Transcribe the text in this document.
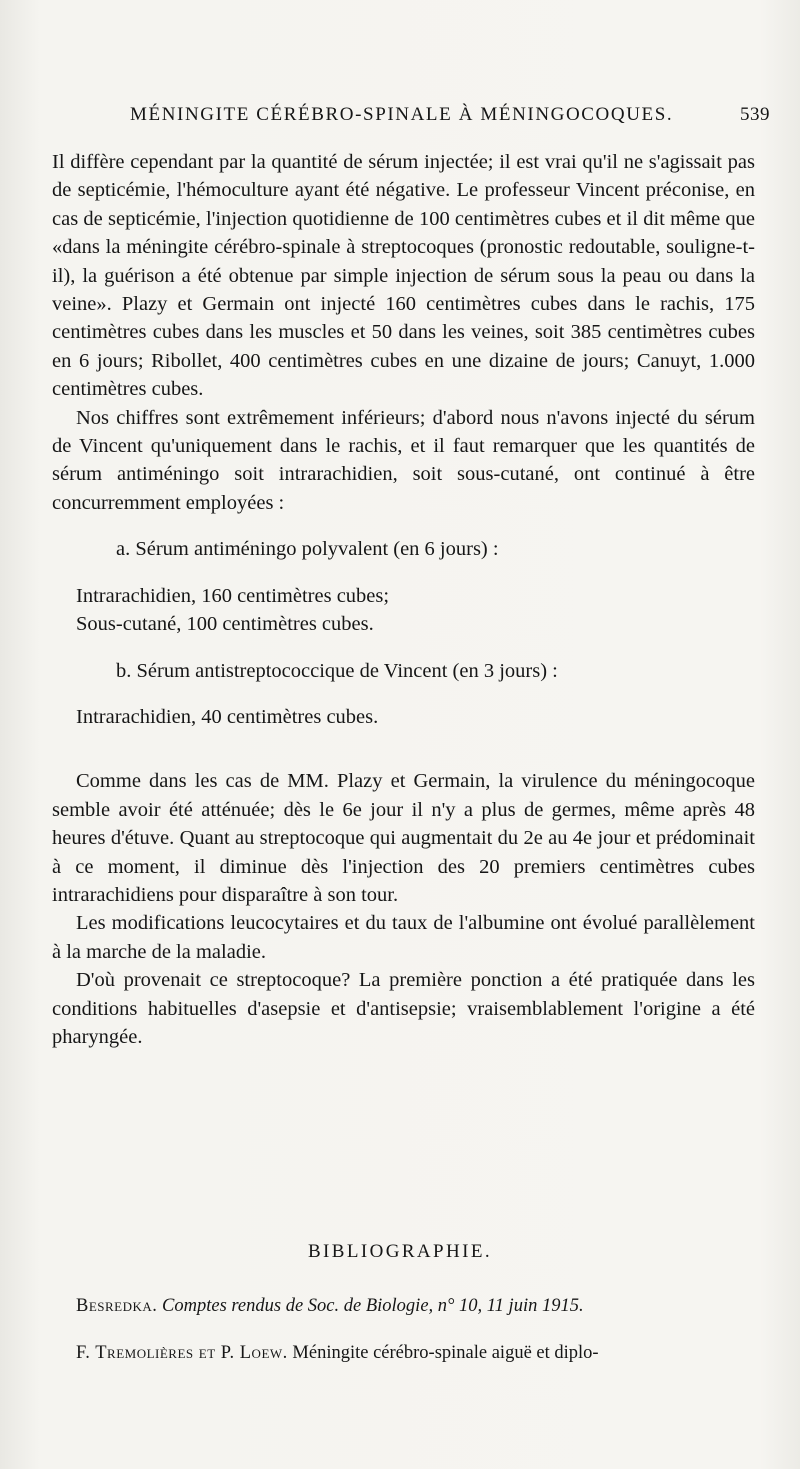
MÉNINGITE CÉRÉBRO-SPINALE À MÉNINGOCOQUES.	539

Il diffère cependant par la quantité de sérum injectée; il est vrai qu'il ne s'agissait pas de septicémie, l'hémoculture ayant été négative. Le professeur Vincent préconise, en cas de septicémie, l'injection quotidienne de 100 centimètres cubes et il dit même que «dans la méningite cérébro-spinale à streptocoques (pronostic redoutable, souligne-t-il), la guérison a été obtenue par simple injection de sérum sous la peau ou dans la veine». Plazy et Germain ont injecté 160 centimètres cubes dans le rachis, 175 centimètres cubes dans les muscles et 50 dans les veines, soit 385 centimètres cubes en 6 jours; Ribollet, 400 centimètres cubes en une dizaine de jours; Canuyt, 1.000 centimètres cubes.

Nos chiffres sont extrêmement inférieurs; d'abord nous n'avons injecté du sérum de Vincent qu'uniquement dans le rachis, et il faut remarquer que les quantités de sérum antiméningo soit intrarachidien, soit sous-cutané, ont continué à être concurremment employées :

a. Sérum antiméningo polyvalent (en 6 jours) :

Intrarachidien, 160 centimètres cubes;

Sous-cutané, 100 centimètres cubes.

b. Sérum antistreptococcique de Vincent (en 3 jours) :

Intrarachidien, 40 centimètres cubes.

Comme dans les cas de MM. Plazy et Germain, la virulence du méningocoque semble avoir été atténuée; dès le 6e jour il n'y a plus de germes, même après 48 heures d'étuve. Quant au streptocoque qui augmentait du 2e au 4e jour et prédominait à ce moment, il diminue dès l'injection des 20 premiers centimètres cubes intrarachidiens pour disparaître à son tour.

Les modifications leucocytaires et du taux de l'albumine ont évolué parallèlement à la marche de la maladie.

D'où provenait ce streptocoque? La première ponction a été pratiquée dans les conditions habituelles d'asepsie et d'antisepsie; vraisemblablement l'origine a été pharyngée.

BIBLIOGRAPHIE.
Besredka. Comptes rendus de Soc. de Biologie, n° 10, 11 juin 1915.
F. Tremolières et P. Loew. Méningite cérébro-spinale aiguë et diplo-
